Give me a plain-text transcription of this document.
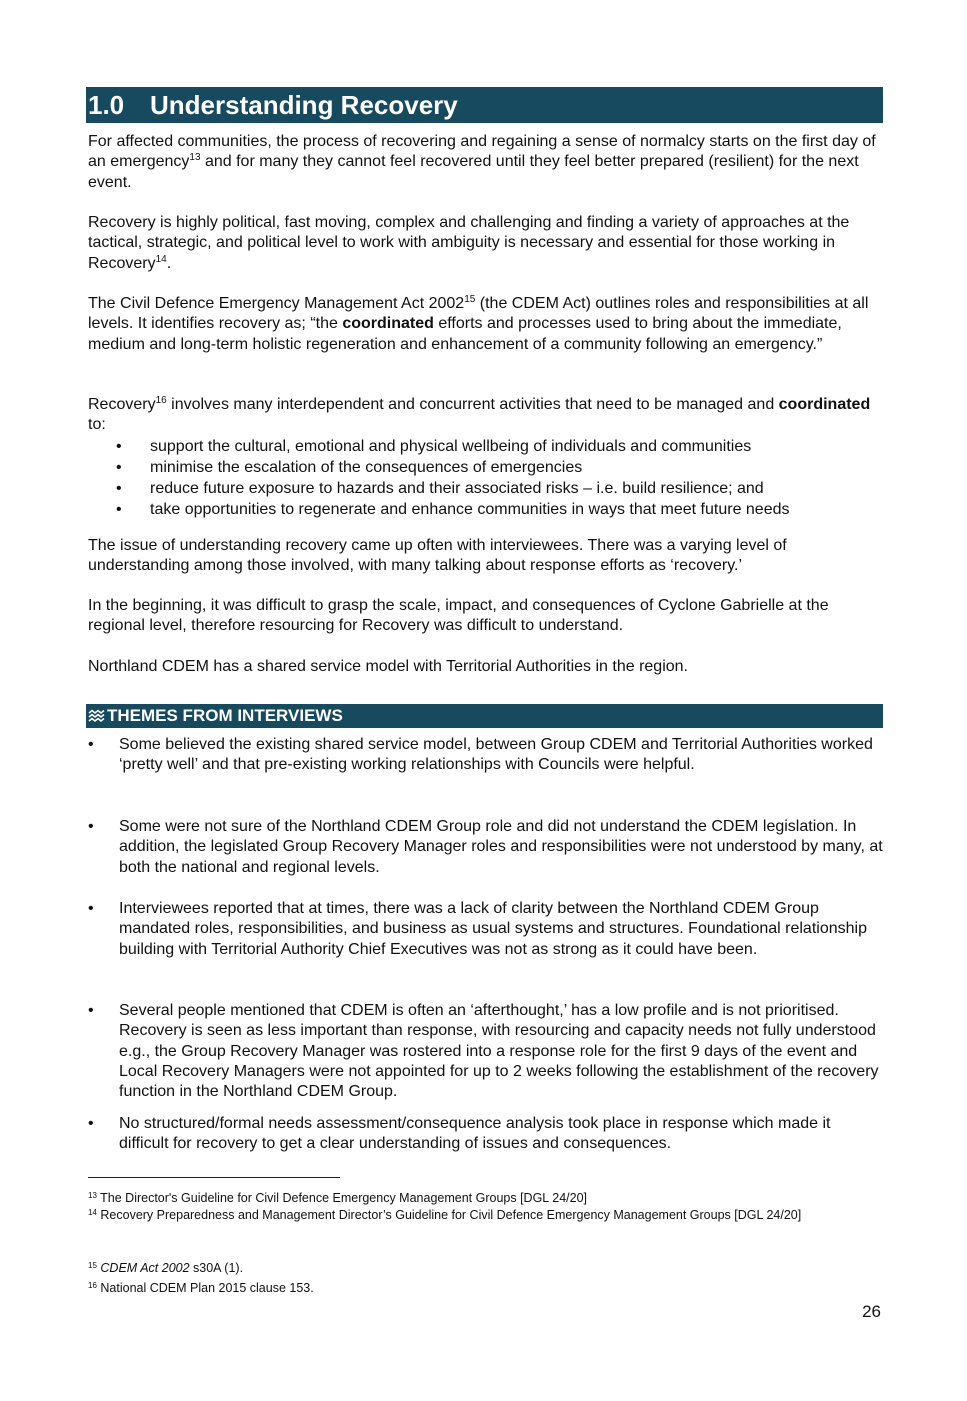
1.0 Understanding Recovery

For affected communities, the process of recovering and regaining a sense of normalcy starts on the first day of an emergency$^{13}$ and for many they cannot feel recovered until they feel better prepared (resilient) for the next event.

Recovery is highly political, fast moving, complex and challenging and finding a variety of approaches at the tactical, strategic, and political level to work with ambiguity is necessary and essential for those working in Recovery$^{14}$.

The Civil Defence Emergency Management Act 2002$^{15}$ (the CDEM Act) outlines roles and responsibilities at all levels. It identifies recovery as; “the coordinated efforts and processes used to bring about the immediate, medium and long-term holistic regeneration and enhancement of a community following an emergency.”

Recovery$^{16}$ involves many interdependent and concurrent activities that need to be managed and coordinated to:

• support the cultural, emotional and physical wellbeing of individuals and communities
• minimise the escalation of the consequences of emergencies
• reduce future exposure to hazards and their associated risks – i.e. build resilience; and
• take opportunities to regenerate and enhance communities in ways that meet future needs

The issue of understanding recovery came up often with interviewees. There was a varying level of understanding among those involved, with many talking about response efforts as ‘recovery.’

In the beginning, it was difficult to grasp the scale, impact, and consequences of Cyclone Gabrielle at the regional level, therefore resourcing for Recovery was difficult to understand.

Northland CDEM has a shared service model with Territorial Authorities in the region.

THEMES FROM INTERVIEWS
• Some believed the existing shared service model, between Group CDEM and Territorial Authorities worked ‘pretty well’ and that pre-existing working relationships with Councils were helpful.
• Some were not sure of the Northland CDEM Group role and did not understand the CDEM legislation. In addition, the legislated Group Recovery Manager roles and responsibilities were not understood by many, at both the national and regional levels.
• Interviewees reported that at times, there was a lack of clarity between the Northland CDEM Group mandated roles, responsibilities, and business as usual systems and structures. Foundational relationship building with Territorial Authority Chief Executives was not as strong as it could have been.
• Several people mentioned that CDEM is often an ‘afterthought,’ has a low profile and is not prioritised. Recovery is seen as less important than response, with resourcing and capacity needs not fully understood e.g., the Group Recovery Manager was rostered into a response role for the first 9 days of the event and Local Recovery Managers were not appointed for up to 2 weeks following the establishment of the recovery function in the Northland CDEM Group.
• No structured/formal needs assessment/consequence analysis took place in response which made it difficult for recovery to get a clear understanding of issues and consequences.
$^{13}$ The Director's Guideline for Civil Defence Emergency Management Groups [DGL 24/20]
$^{14}$ Recovery Preparedness and Management Director’s Guideline for Civil Defence Emergency Management Groups [DGL 24/20]
$^{15}$ CDEM Act 2002 s30A (1).
$^{16}$ National CDEM Plan 2015 clause 153.
26
